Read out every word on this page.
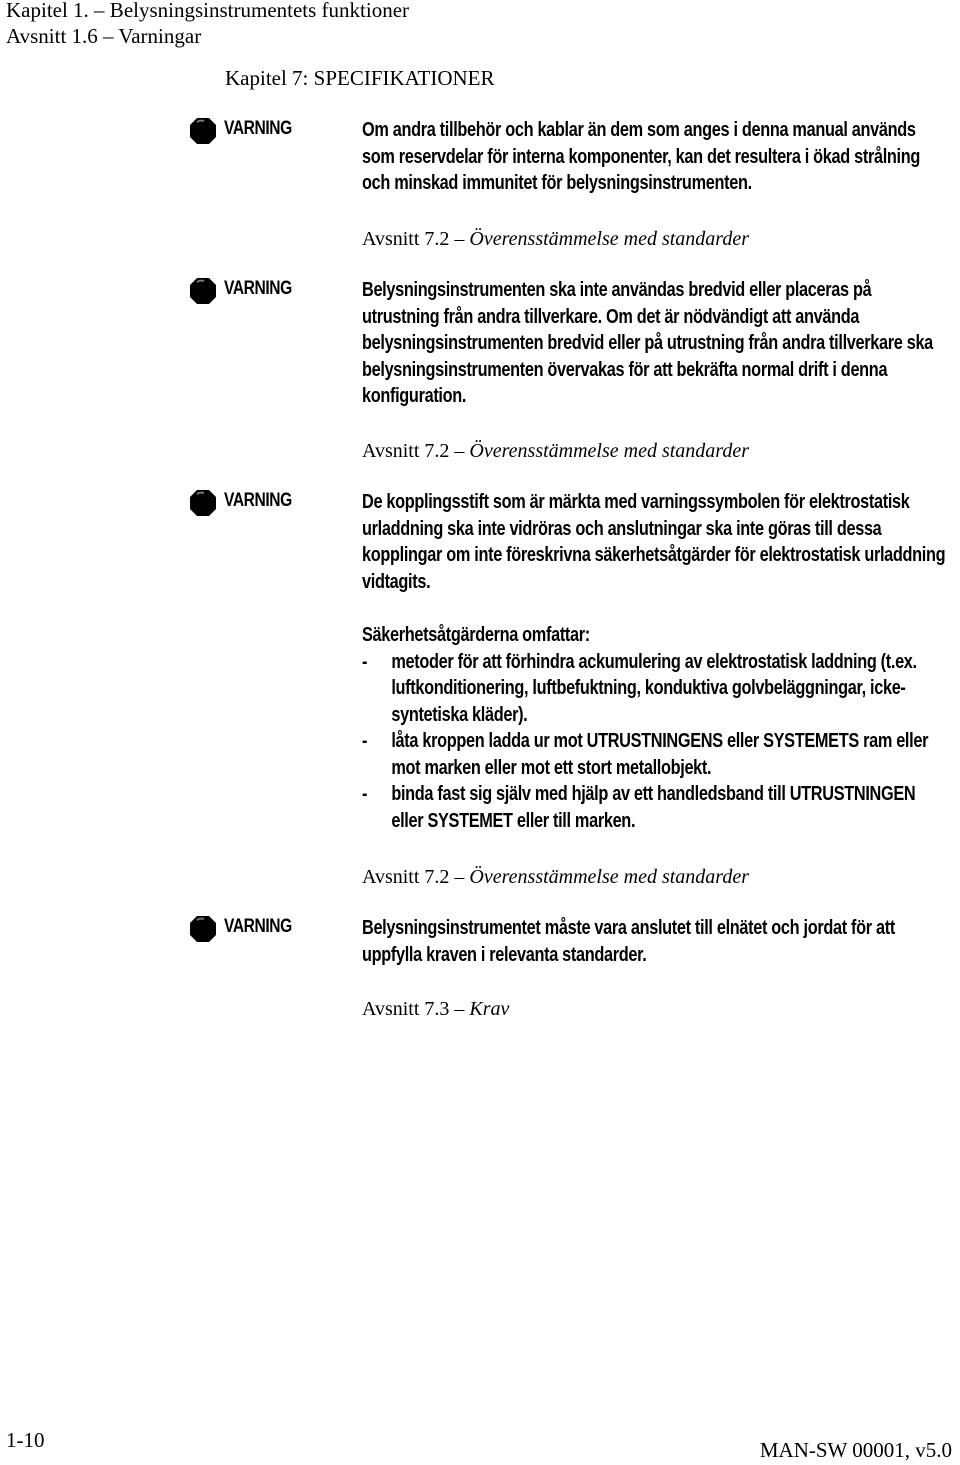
Kapitel 1. – Belysningsinstrumentets funktioner
Avsnitt 1.6 – Varningar
Kapitel 7: SPECIFIKATIONER
VARNING	Om andra tillbehör och kablar än dem som anges i denna manual används som reservdelar för interna komponenter, kan det resultera i ökad strålning och minskad immunitet för belysningsinstrumenten.

Avsnitt 7.2 – Överensstämmelse med standarder
VARNING	Belysningsinstrumenten ska inte användas bredvid eller placeras på utrustning från andra tillverkare. Om det är nödvändigt att använda belysningsinstrumenten bredvid eller på utrustning från andra tillverkare ska belysningsinstrumenten övervakas för att bekräfta normal drift i denna konfiguration.

Avsnitt 7.2 – Överensstämmelse med standarder
VARNING	De kopplingsstift som är märkta med varningssymbolen för elektrostatisk urladdning ska inte vidröras och anslutningar ska inte göras till dessa kopplingar om inte föreskrivna säkerhetsåtgärder för elektrostatisk urladdning vidtagits.

Säkerhetsåtgärderna omfattar:

- metoder för att förhindra ackumulering av elektrostatisk laddning (t.ex. luftkonditionering, luftbefuktning, konduktiva golvbeläggningar, icke-syntetiska kläder).
- låta kroppen ladda ur mot UTRUSTNINGENS eller SYSTEMETS ram eller mot marken eller mot ett stort metallobjekt.
- binda fast sig själv med hjälp av ett handledsband till UTRUSTNINGEN eller SYSTEMET eller till marken.
Avsnitt 7.2 – Överensstämmelse med standarder
VARNING	Belysningsinstrumentet måste vara anslutet till elnätet och jordat för att uppfylla kraven i relevanta standarder.

Avsnitt 7.3 – Krav
1-10	MAN-SW 00001, v5.0
